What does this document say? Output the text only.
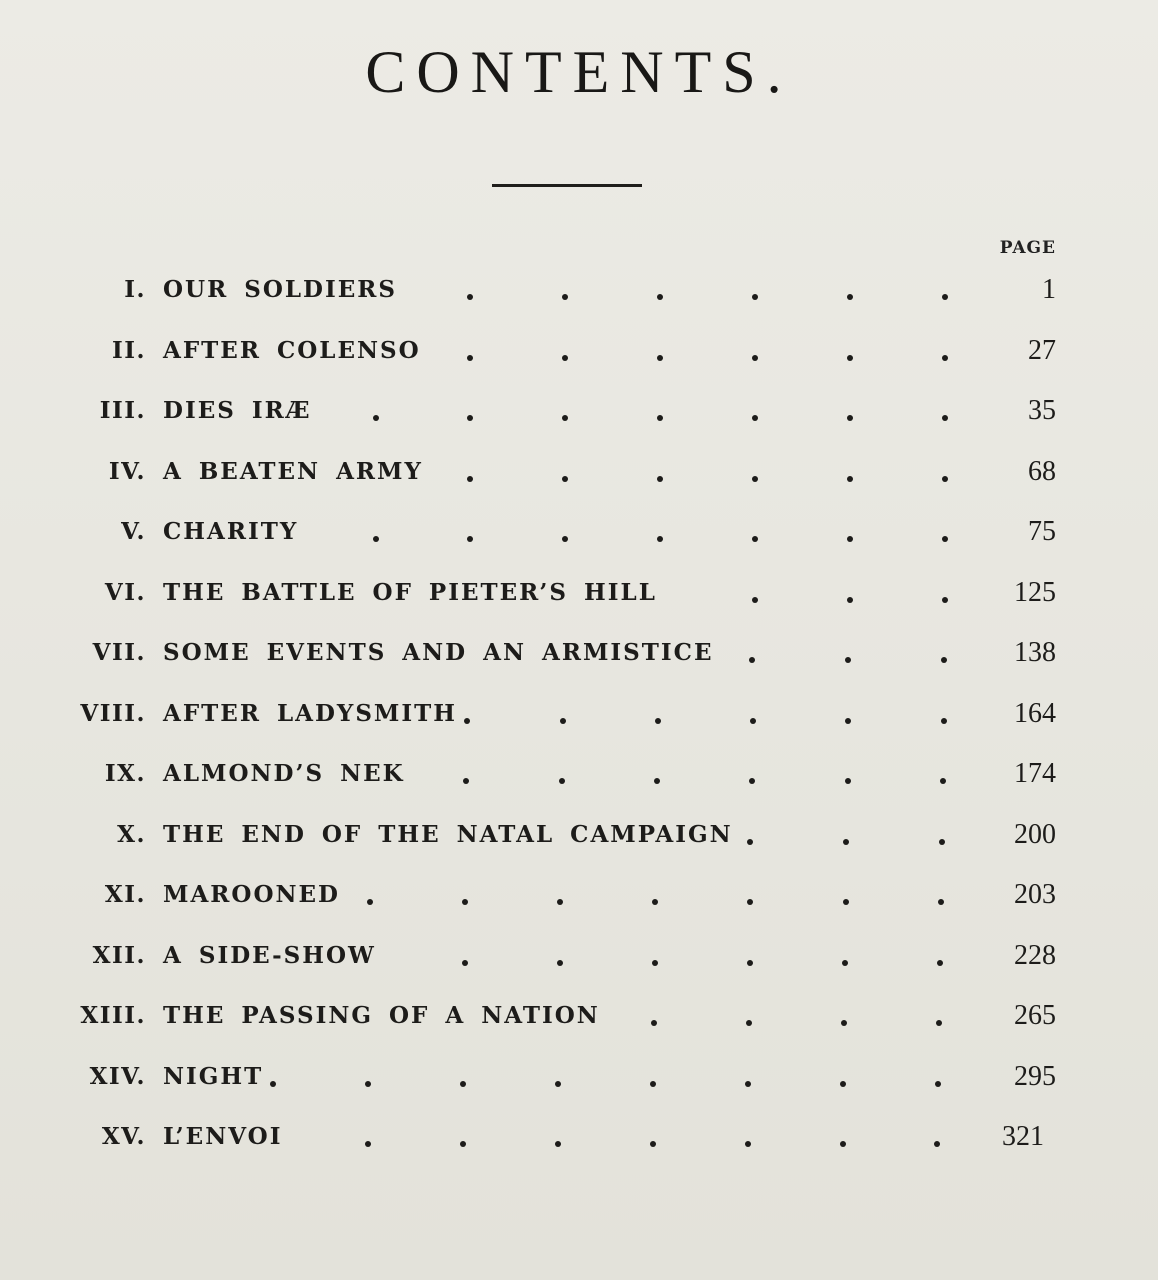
CONTENTS.
PAGE
I. OUR SOLDIERS	1
II. AFTER COLENSO	27
III. DIES IRÆ	35
IV. A BEATEN ARMY	68
V. CHARITY	75
VI. THE BATTLE OF PIETER’S HILL	125
VII. SOME EVENTS AND AN ARMISTICE	138
VIII. AFTER LADYSMITH	164
IX. ALMOND’S NEK	174
X. THE END OF THE NATAL CAMPAIGN	200
XI. MAROONED	203
XII. A SIDE-SHOW	228
XIII. THE PASSING OF A NATION	265
XIV. NIGHT	295
XV. L’ENVOI	321
